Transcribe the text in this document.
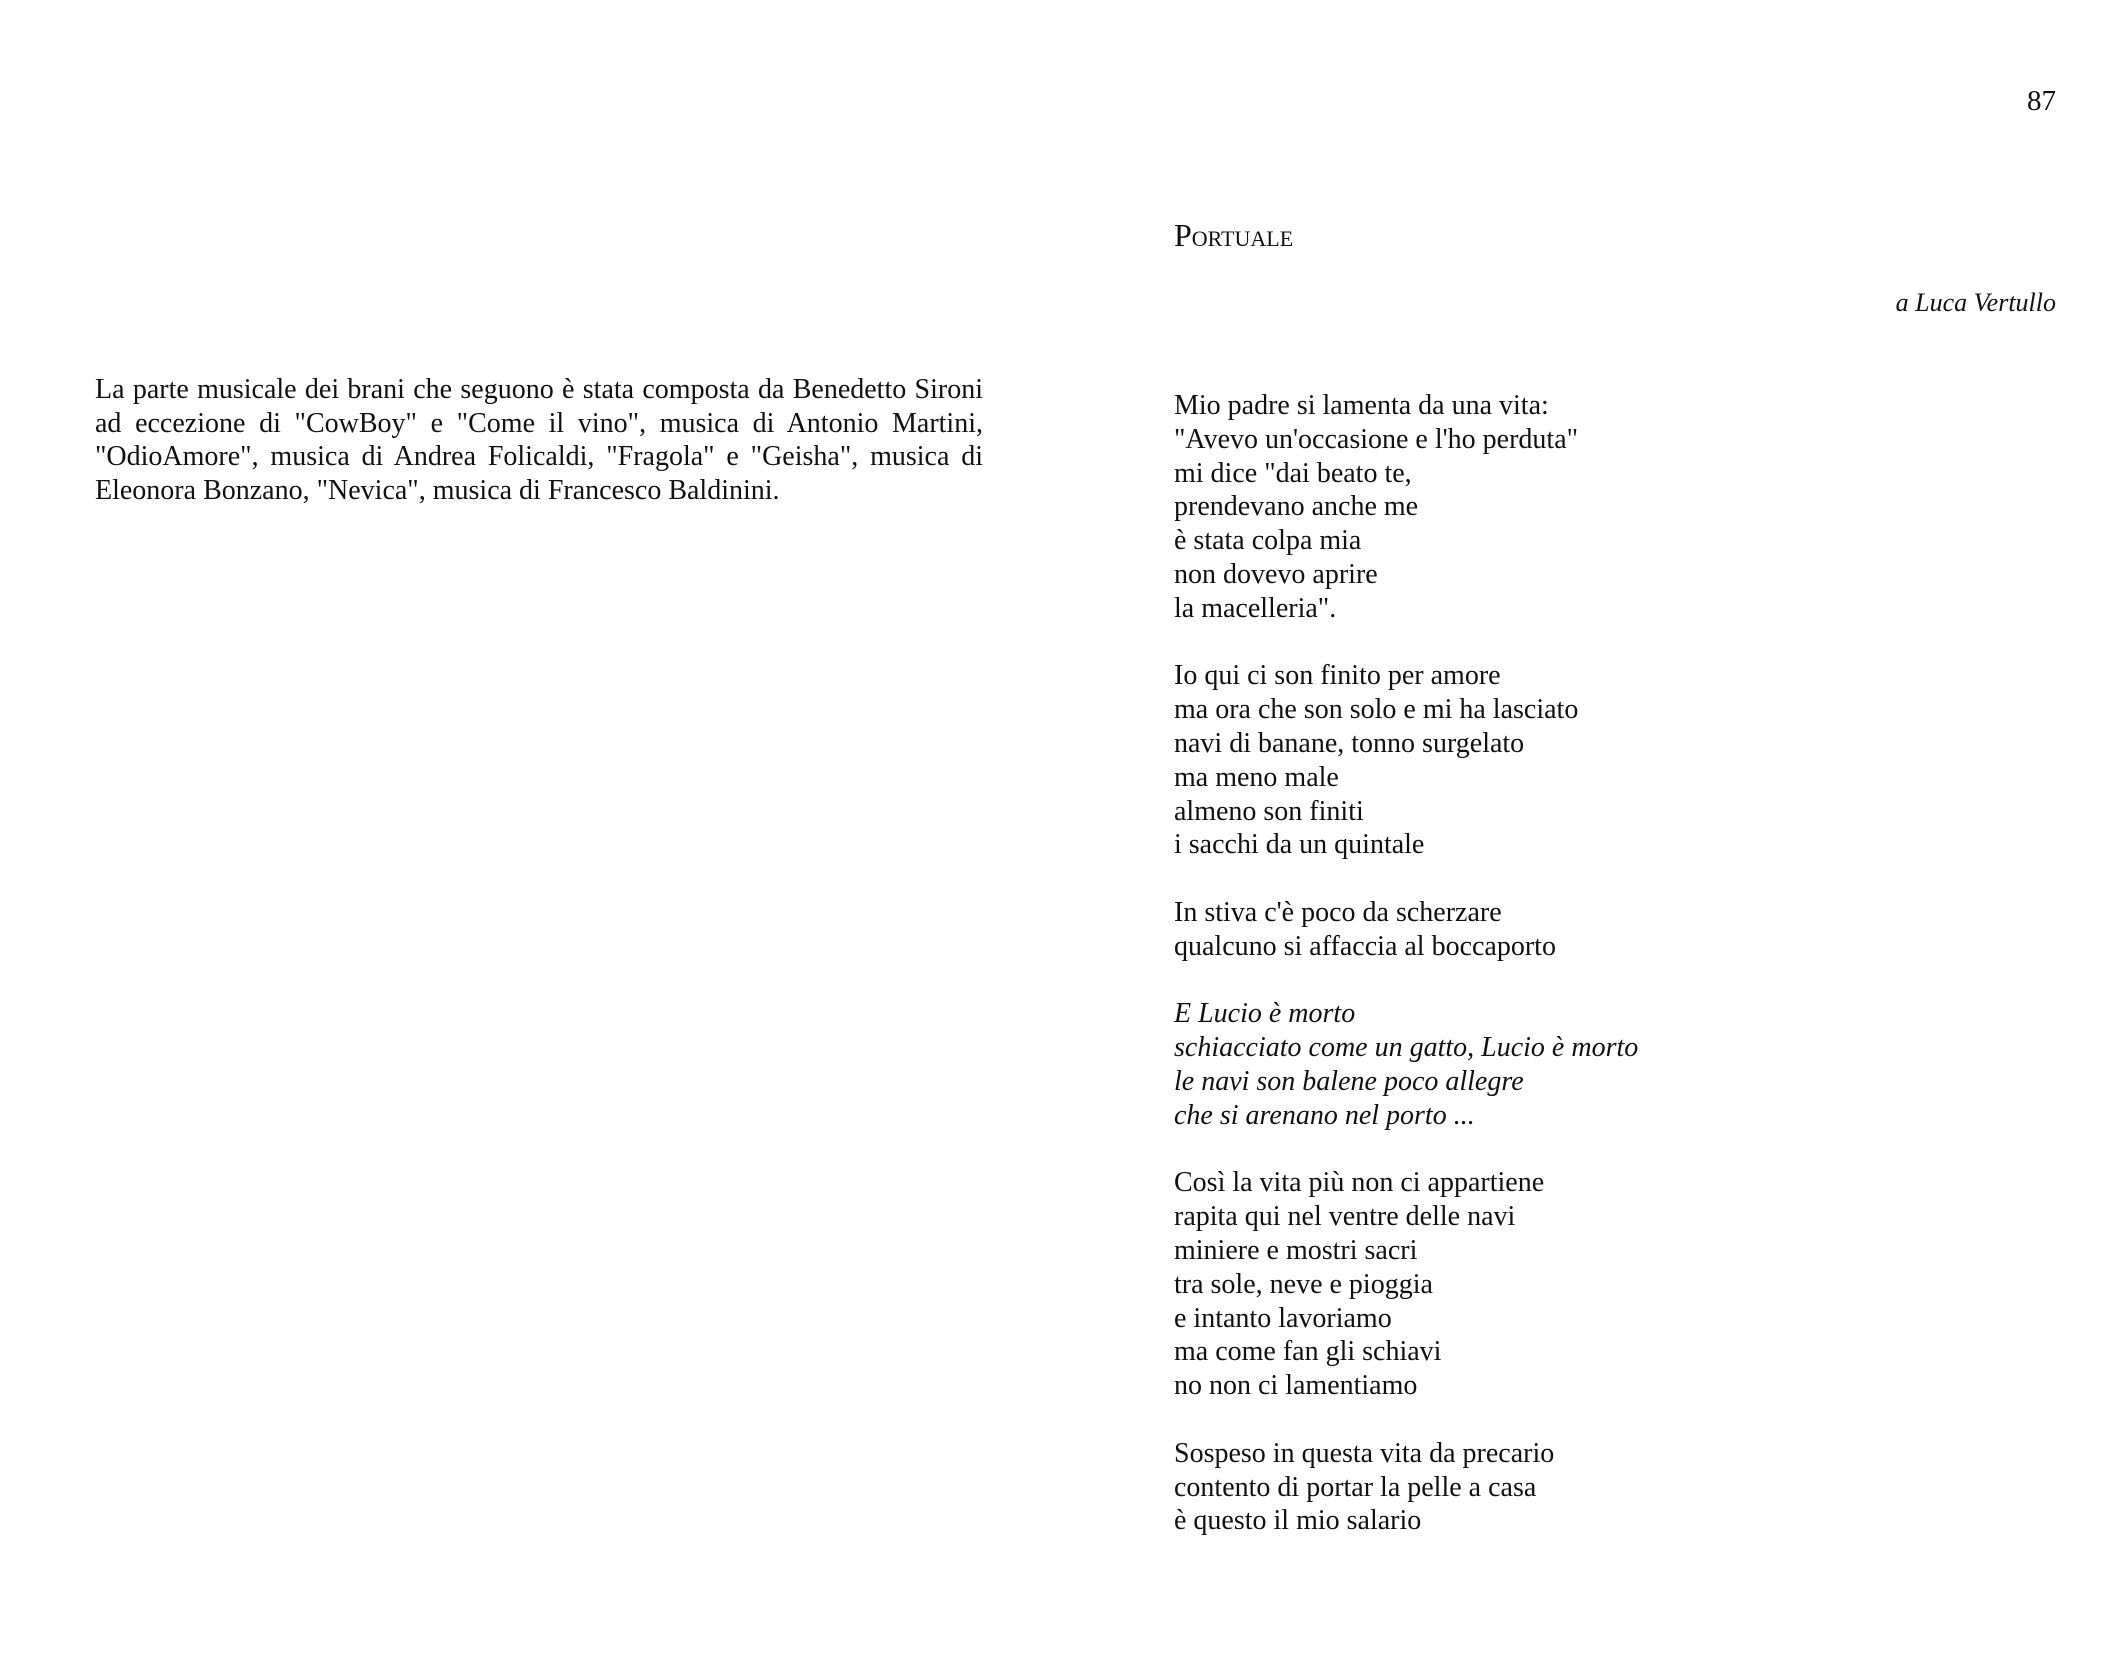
87

La parte musicale dei brani che seguono è stata composta da Benedetto Sironi ad eccezione di "CowBoy" e "Come il vino", musica di Antonio Martini, "OdioAmore", musica di Andrea Folicaldi, "Fragola" e "Geisha", musica di Eleonora Bonzano, "Nevica", musica di Francesco Baldinini.

Portuale
a Luca Vertullo
Mio padre si lamenta da una vita:
"Avevo un'occasione e l'ho perduta"
mi dice "dai beato te,
prendevano anche me
è stata colpa mia
non dovevo aprire
la macelleria".
Io qui ci son finito per amore
ma ora che son solo e mi ha lasciato
navi di banane, tonno surgelato
ma meno male
almeno son finiti
i sacchi da un quintale
In stiva c'è poco da scherzare
qualcuno si affaccia al boccaporto
E Lucio è morto
schiacciato come un gatto, Lucio è morto
le navi son balene poco allegre
che si arenano nel porto ...
Così la vita più non ci appartiene
rapita qui nel ventre delle navi
miniere e mostri sacri
tra sole, neve e pioggia
e intanto lavoriamo
ma come fan gli schiavi
no non ci lamentiamo
Sospeso in questa vita da precario
contento di portar la pelle a casa
è questo il mio salario
